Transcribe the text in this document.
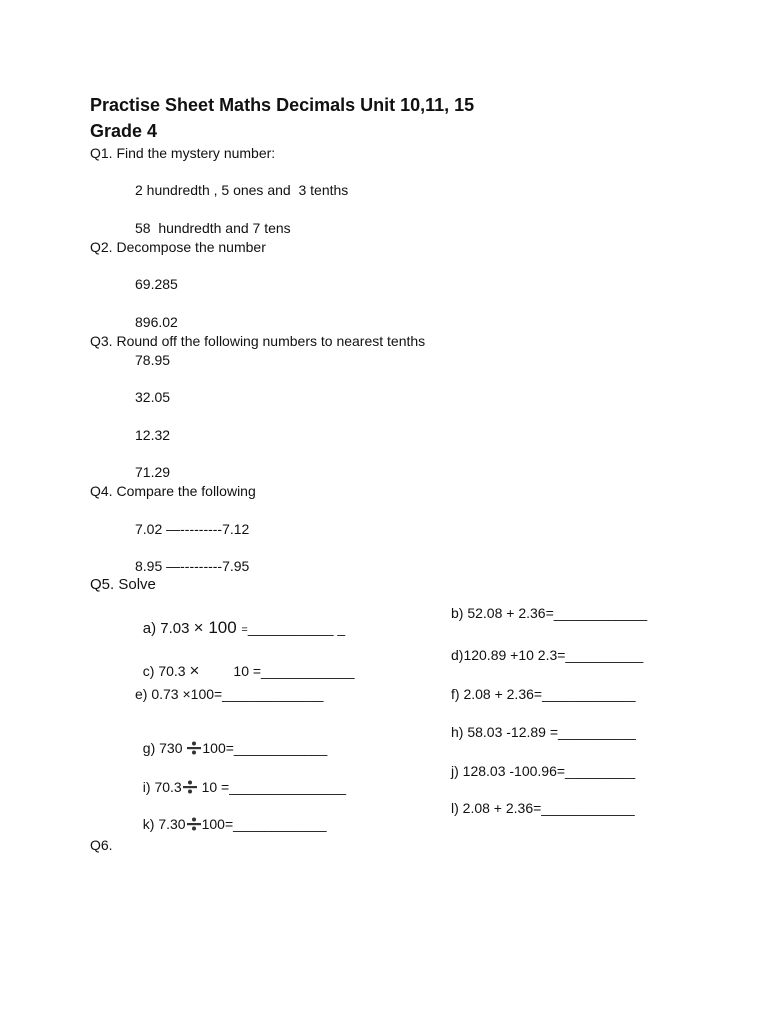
Practise Sheet Maths Decimals Unit 10,11, 15
Grade 4
Q1. Find the mystery number:
2 hundredth , 5 ones and  3 tenths
58  hundredth and 7 tens
Q2. Decompose the number
69.285
896.02
Q3. Round off the following numbers to nearest tenths
78.95
32.05
12.32
71.29
Q4. Compare the following
7.02 —---------7.12
8.95 —---------7.95
Q5. Solve

a) 7.03 × 100 =___________ _

b) 52.08 + 2.36=____________

c) 70.3 × 10 =____________

d)120.89 +10 2.3=__________
e) 0.73 ×100=_____________	f) 2.08 + 2.36=____________

g) 730 100=____________

h) 58.03 -12.89 =__________

i) 70.3 10 =_______________

j) 128.03 -100.96=_________

k) 7.30 100=____________

l) 2.08 + 2.36=____________
Q6.
